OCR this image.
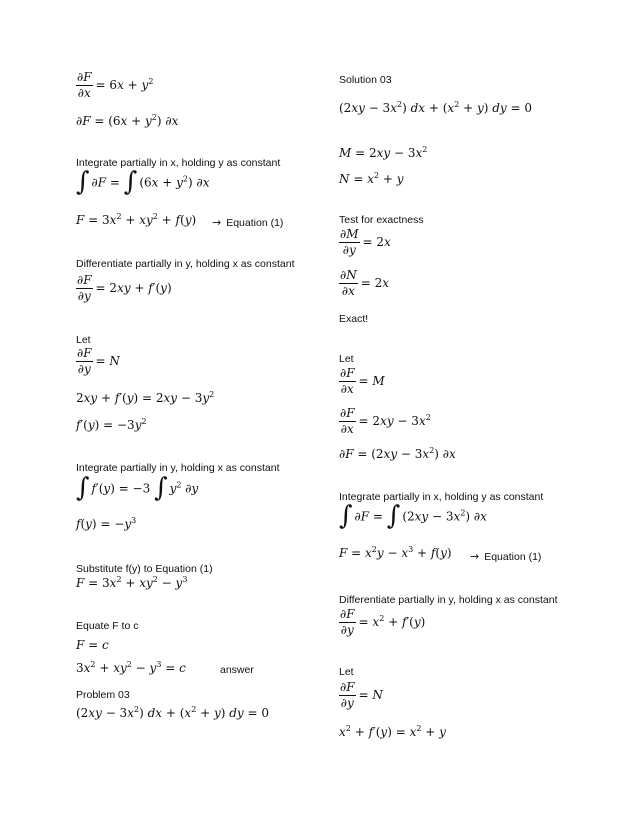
$\frac{\partial F}{\partial x} = 6x + y^2$
$\partial F = (6x + y^2)$ ∂x
Integrate partially in x, holding y as constant
∫ ∂F = ∫ $(6x + y^2)$ ∂x
$F = 3x^2 + xy^2 + f(y)$ → Equation (1)
Differentiate partially in y, holding x as constant
$\frac{\partial F}{\partial y} = 2xy + f'(y)$
Let
$\frac{\partial F}{\partial y} = N$
$2xy + f'(y) = 2xy - 3y^2$
$f'(y) = -3y^2$
Integrate partially in y, holding x as constant
∫ f′(y) = −3 ∫ $y^2$ ∂y
$f(y) = -y^3$
Substitute f(y) to Equation (1)
$F = 3x^2 + xy^2 - y^3$
Equate F to c
F = c
$3x^2 + xy^2 - y^3 = c$	answer
Problem 03
$(2xy - 3x^2)$ dx + $(x^2 + y)$ dy = 0
Solution 03
$(2xy - 3x^2)$ dx + $(x^2 + y)$ dy = 0
$M = 2xy - 3x^2$
$N = x^2 + y$
Test for exactness
$\frac{\partial M}{\partial y} = 2x$
$\frac{\partial N}{\partial x} = 2x$
Exact!
Let
$\frac{\partial F}{\partial x} = M$
$\frac{\partial F}{\partial x} = 2xy - 3x^2$
$\partial F = (2xy - 3x^2)$ ∂x
Integrate partially in x, holding y as constant
∫ ∂F = ∫ $(2xy - 3x^2)$ ∂x
$F = x^2y - x^3 + f(y)$ → Equation (1)
Differentiate partially in y, holding x as constant
$\frac{\partial F}{\partial y} = x^2 + f'(y)$
Let
$\frac{\partial F}{\partial y} = N$
$x^2 + f'(y) = x^2 + y$
